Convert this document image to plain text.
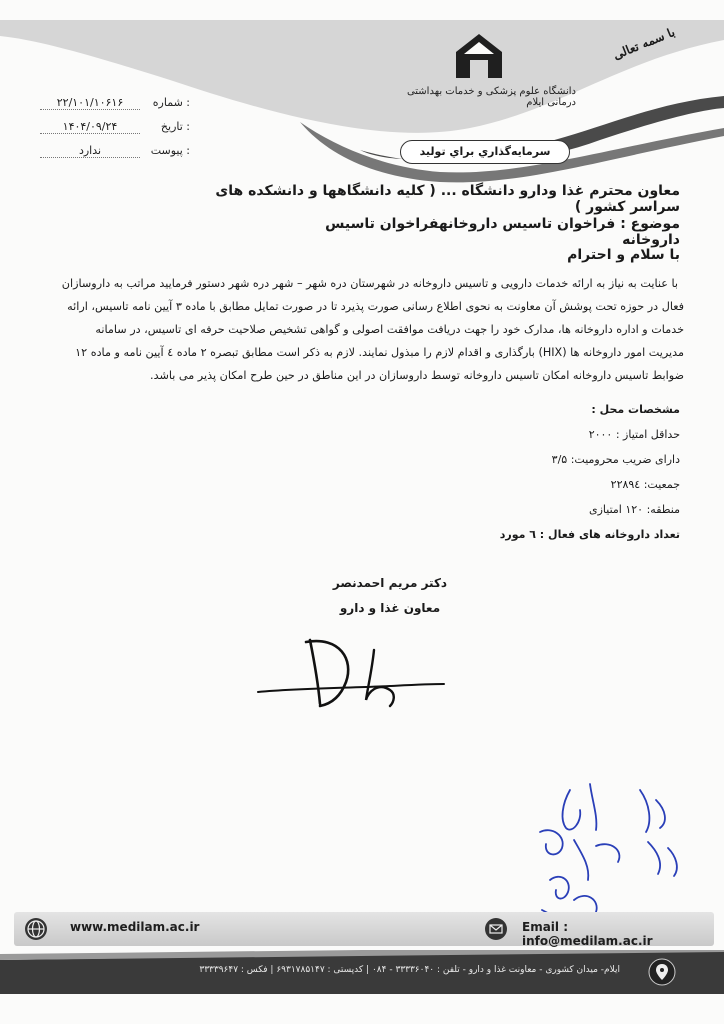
با سمه تعالی
دانشگاه علوم پزشکی و خدمات بهداشتی درمانی ایلام
سرمايه‌گذاري براي توليد
۲۲/۱۰۱/۱۰۶۱۶	شماره :
۱۴۰۴/۰۹/۲۴	تاریخ :
ندارد	پیوست :
معاون محترم غذا ودارو دانشگاه ... ( کلیه دانشگاهها و دانشکده های سراسر کشور )
موضوع : فراخوان تاسیس داروخانهفراخوان تاسیس داروخانه
با سلام و احترام
با عنایت به نیاز به ارائه خدمات دارویی و تاسیس داروخانه در شهرستان دره شهر – شهر دره شهر دستور فرمایید مراتب به داروسازان
فعال در حوزه تحت پوشش آن معاونت به نحوی اطلاع رسانی صورت پذیرد تا در صورت تمایل مطابق با ماده ۳ آیین نامه تاسیس، ارائه
خدمات و اداره داروخانه ها، مدارک خود را جهت دریافت موافقت اصولی و گواهی تشخیص صلاحیت حرفه ای تاسیس، در سامانه
مدیریت امور داروخانه ها (HIX) بارگذاری و اقدام لازم را مبذول نمایند. لازم به ذکر است مطابق تبصره ۲ ماده ٤ آیین نامه و ماده ۱۲
ضوابط تاسیس داروخانه امکان تاسیس داروخانه توسط داروسازان در این مناطق در حین طرح امکان پذیر می باشد.
مشخصات محل :
حداقل امتیاز : ۲۰۰۰
دارای ضریب محرومیت: ۳/۵
جمعیت: ۲۲۸۹٤
منطقه: ۱۲۰ امتیازی
تعداد داروخانه های فعال : ٦ مورد
دکتر مریم احمدنصر
معاون غذا و دارو
www.medilam.ac.ir	Email : info@medilam.ac.ir
ایلام- میدان کشوری - معاونت غذا و دارو - تلفن : ۳۳۳۳۶۰۴۰ - ۰۸۴ | کدپستی : ۶۹۳۱۷۸۵۱۴۷ | فکس : ۳۳۳۳۹۶۴۷
